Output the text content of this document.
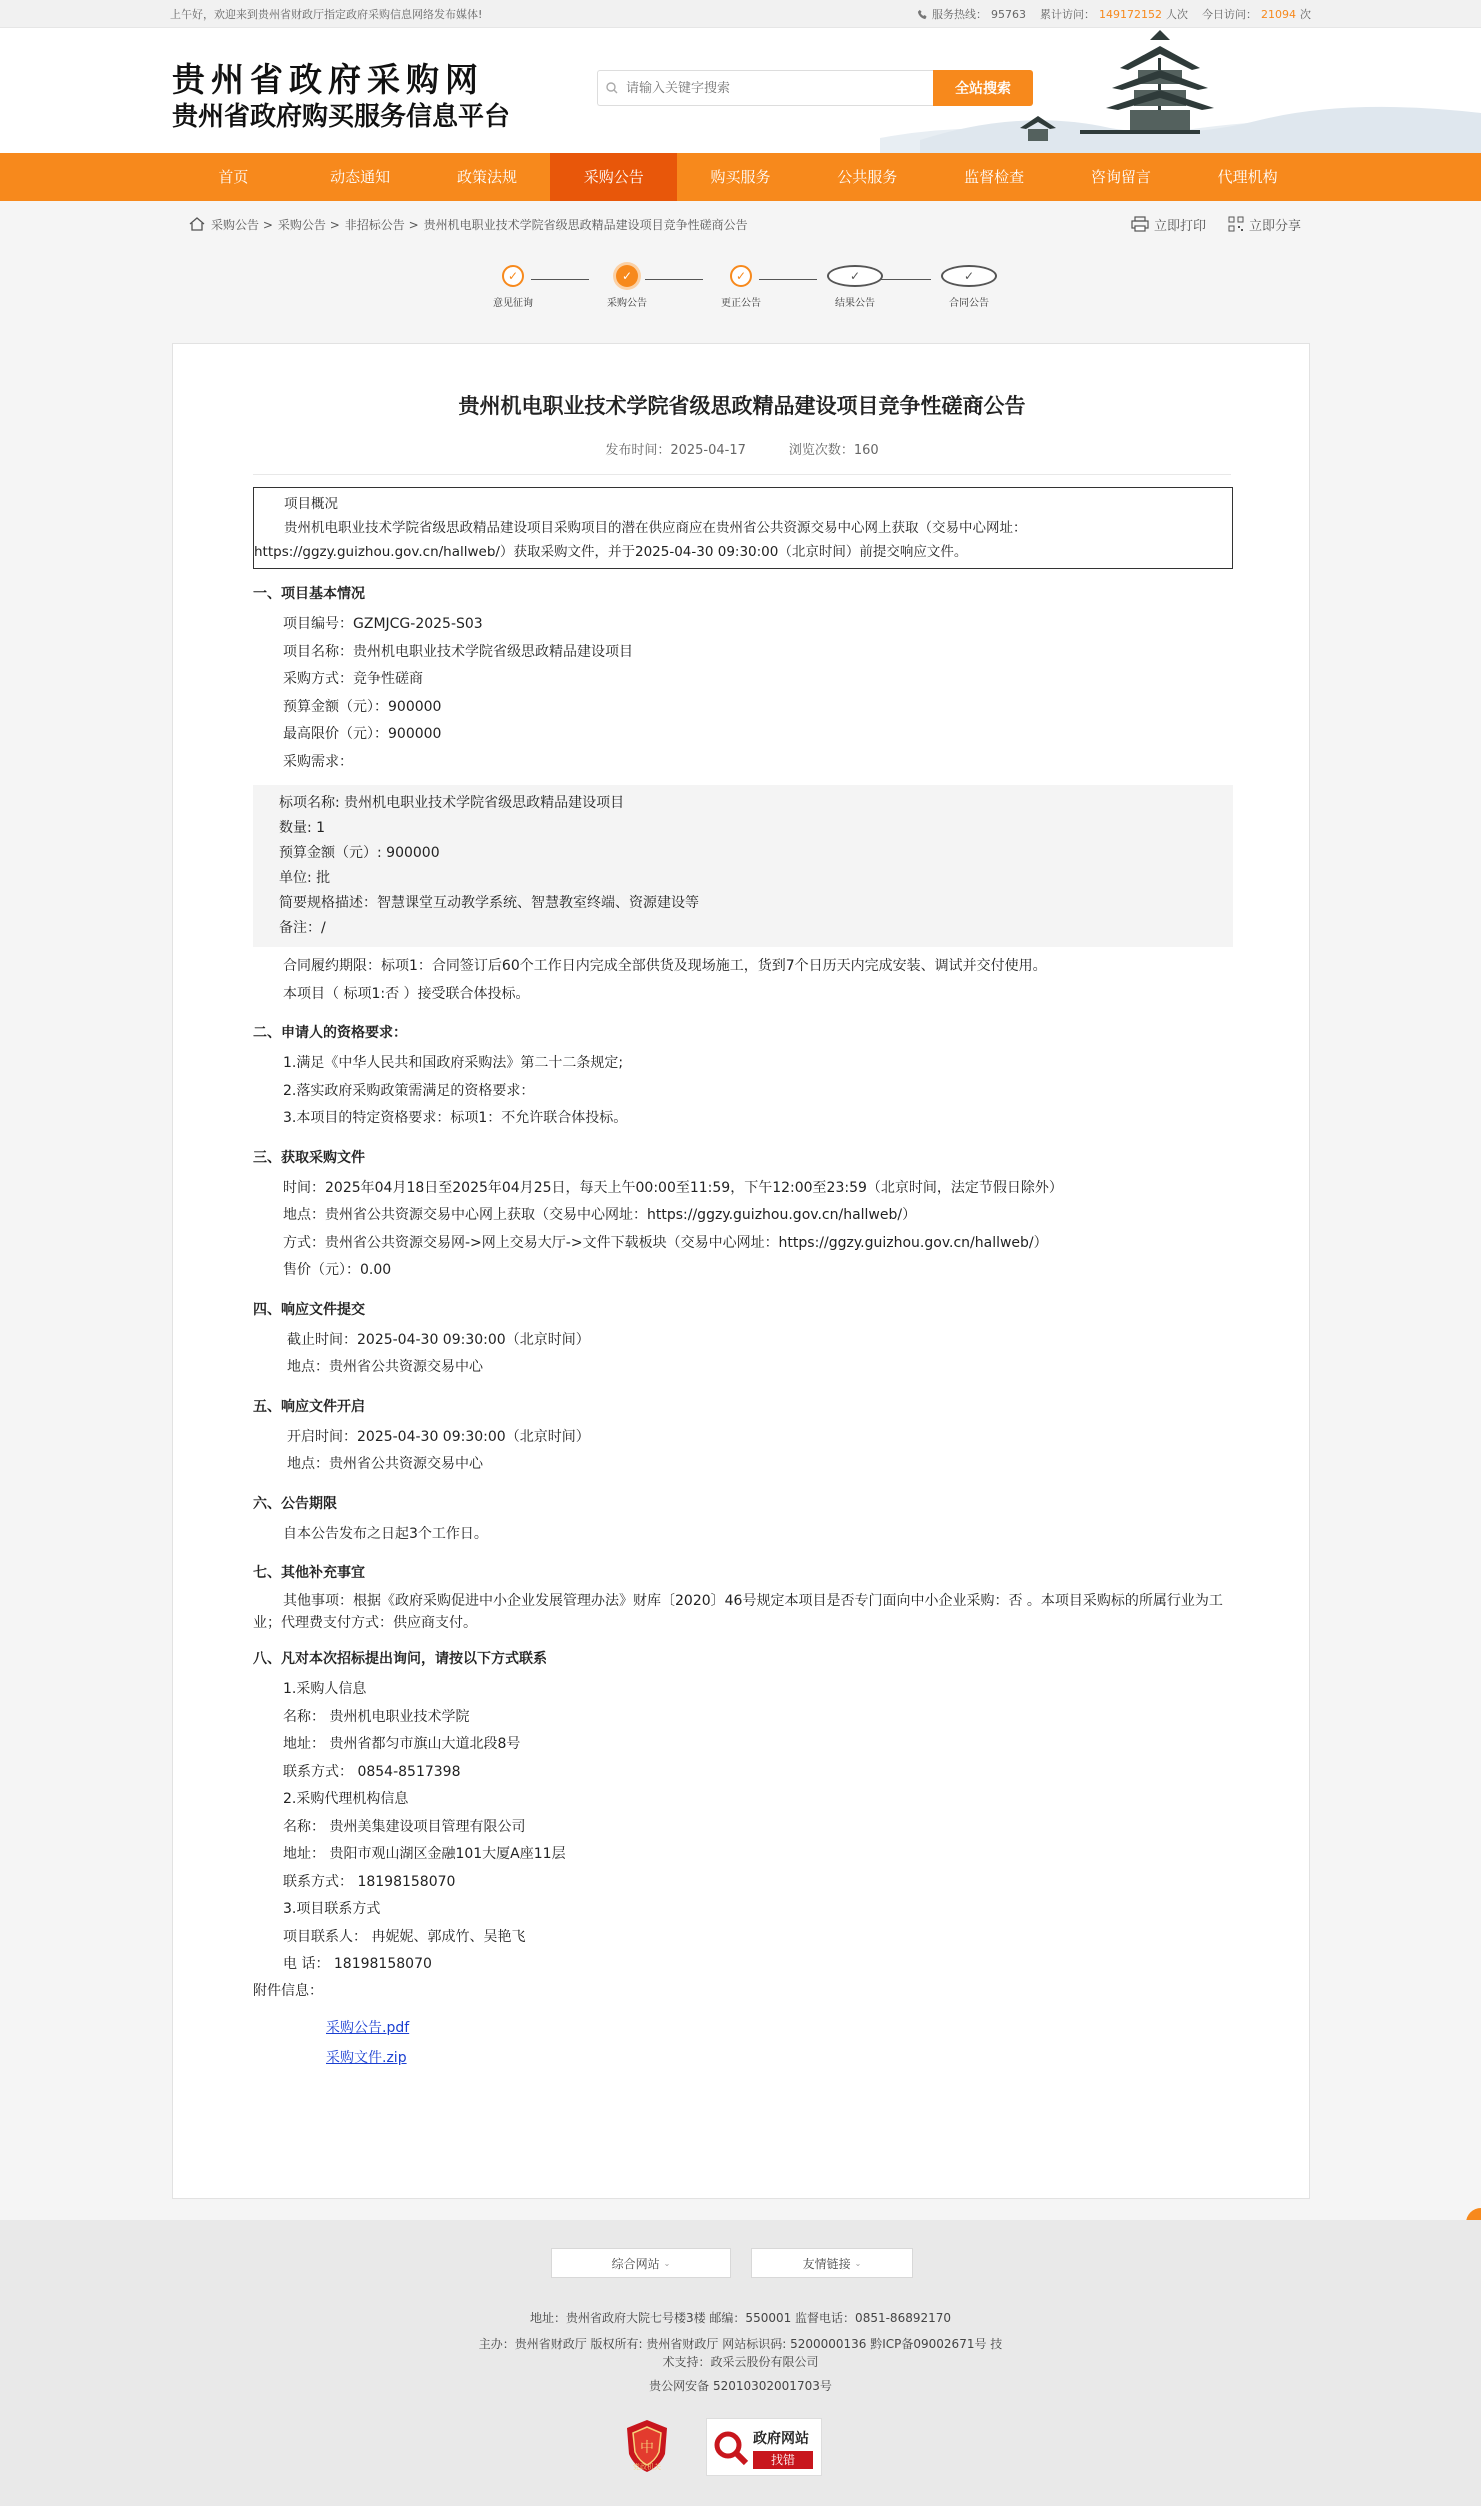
上午好，欢迎来到贵州省财政厅指定政府采购信息网络发布媒体!	服务热线： 95763 累计访问： 149172152 人次 今日访问： 21094 次
贵州省政府采购网
贵州省政府购买服务信息平台
请输入关键字搜索
全站搜索
首页	动态通知	政策法规	采购公告	购买服务	公共服务	监督检查	咨询留言	代理机构
采购公告 > 采购公告 > 非招标公告 > 贵州机电职业技术学院省级思政精品建设项目竞争性磋商公告	立即打印	立即分享
✓
意见征询
✓
采购公告
✓
更正公告
✓
结果公告
✓
合同公告
贵州机电职业技术学院省级思政精品建设项目竞争性磋商公告
发布时间：2025-04-17	浏览次数：160
项目概况
贵州机电职业技术学院省级思政精品建设项目采购项目的潜在供应商应在贵州省公共资源交易中心网上获取（交易中心网址：https://ggzy.guizhou.gov.cn/hallweb/）获取采购文件，并于2025-04-30 09:30:00（北京时间）前提交响应文件。
一、项目基本情况
项目编号：GZMJCG-2025-S03
项目名称：贵州机电职业技术学院省级思政精品建设项目
采购方式：竞争性磋商
预算金额（元）：900000
最高限价（元）：900000
采购需求：
标项名称: 贵州机电职业技术学院省级思政精品建设项目
数量: 1
预算金额（元）: 900000
单位: 批
简要规格描述：智慧课堂互动教学系统、智慧教室终端、资源建设等
备注：/
合同履约期限：标项1：合同签订后60个工作日内完成全部供货及现场施工，货到7个日历天内完成安装、调试并交付使用。
本项目（ 标项1:否 ）接受联合体投标。
二、申请人的资格要求：
1.满足《中华人民共和国政府采购法》第二十二条规定;
2.落实政府采购政策需满足的资格要求：
3.本项目的特定资格要求：标项1：不允许联合体投标。
三、获取采购文件
时间：2025年04月18日至2025年04月25日，每天上午00:00至11:59，下午12:00至23:59（北京时间，法定节假日除外）
地点：贵州省公共资源交易中心网上获取（交易中心网址：https://ggzy.guizhou.gov.cn/hallweb/）
方式：贵州省公共资源交易网->网上交易大厅->文件下载板块（交易中心网址：https://ggzy.guizhou.gov.cn/hallweb/）
售价（元）：0.00
四、响应文件提交
截止时间：2025-04-30 09:30:00（北京时间）
地点：贵州省公共资源交易中心
五、响应文件开启
开启时间：2025-04-30 09:30:00（北京时间）
地点：贵州省公共资源交易中心
六、公告期限
自本公告发布之日起3个工作日。
七、其他补充事宜
其他事项：根据《政府采购促进中小企业发展管理办法》财库〔2020〕46号规定本项目是否专门面向中小企业采购：否 。本项目采购标的所属行业为工业；代理费支付方式：供应商支付。
八、凡对本次招标提出询问，请按以下方式联系
1.采购人信息
名称： 贵州机电职业技术学院
地址： 贵州省都匀市旗山大道北段8号
联系方式： 0854-8517398
2.采购代理机构信息
名称： 贵州美集建设项目管理有限公司
地址： 贵阳市观山湖区金融101大厦A座11层
联系方式： 18198158070
3.项目联系方式
项目联系人： 冉妮妮、郭成竹、吴艳飞
电 话： 18198158070
附件信息：
采购公告.pdf
采购文件.zip
综合网站 ⌄	友情链接 ⌄
地址：贵州省政府大院七号楼3楼 邮编：550001 监督电话：0851-86892170
主办：贵州省财政厅 版权所有: 贵州省财政厅 网站标识码: 5200000136 黔ICP备09002671号 技
术支持：政采云股份有限公司
贵公网安备 52010302001703号
中
党政机关
政府网站
找错
